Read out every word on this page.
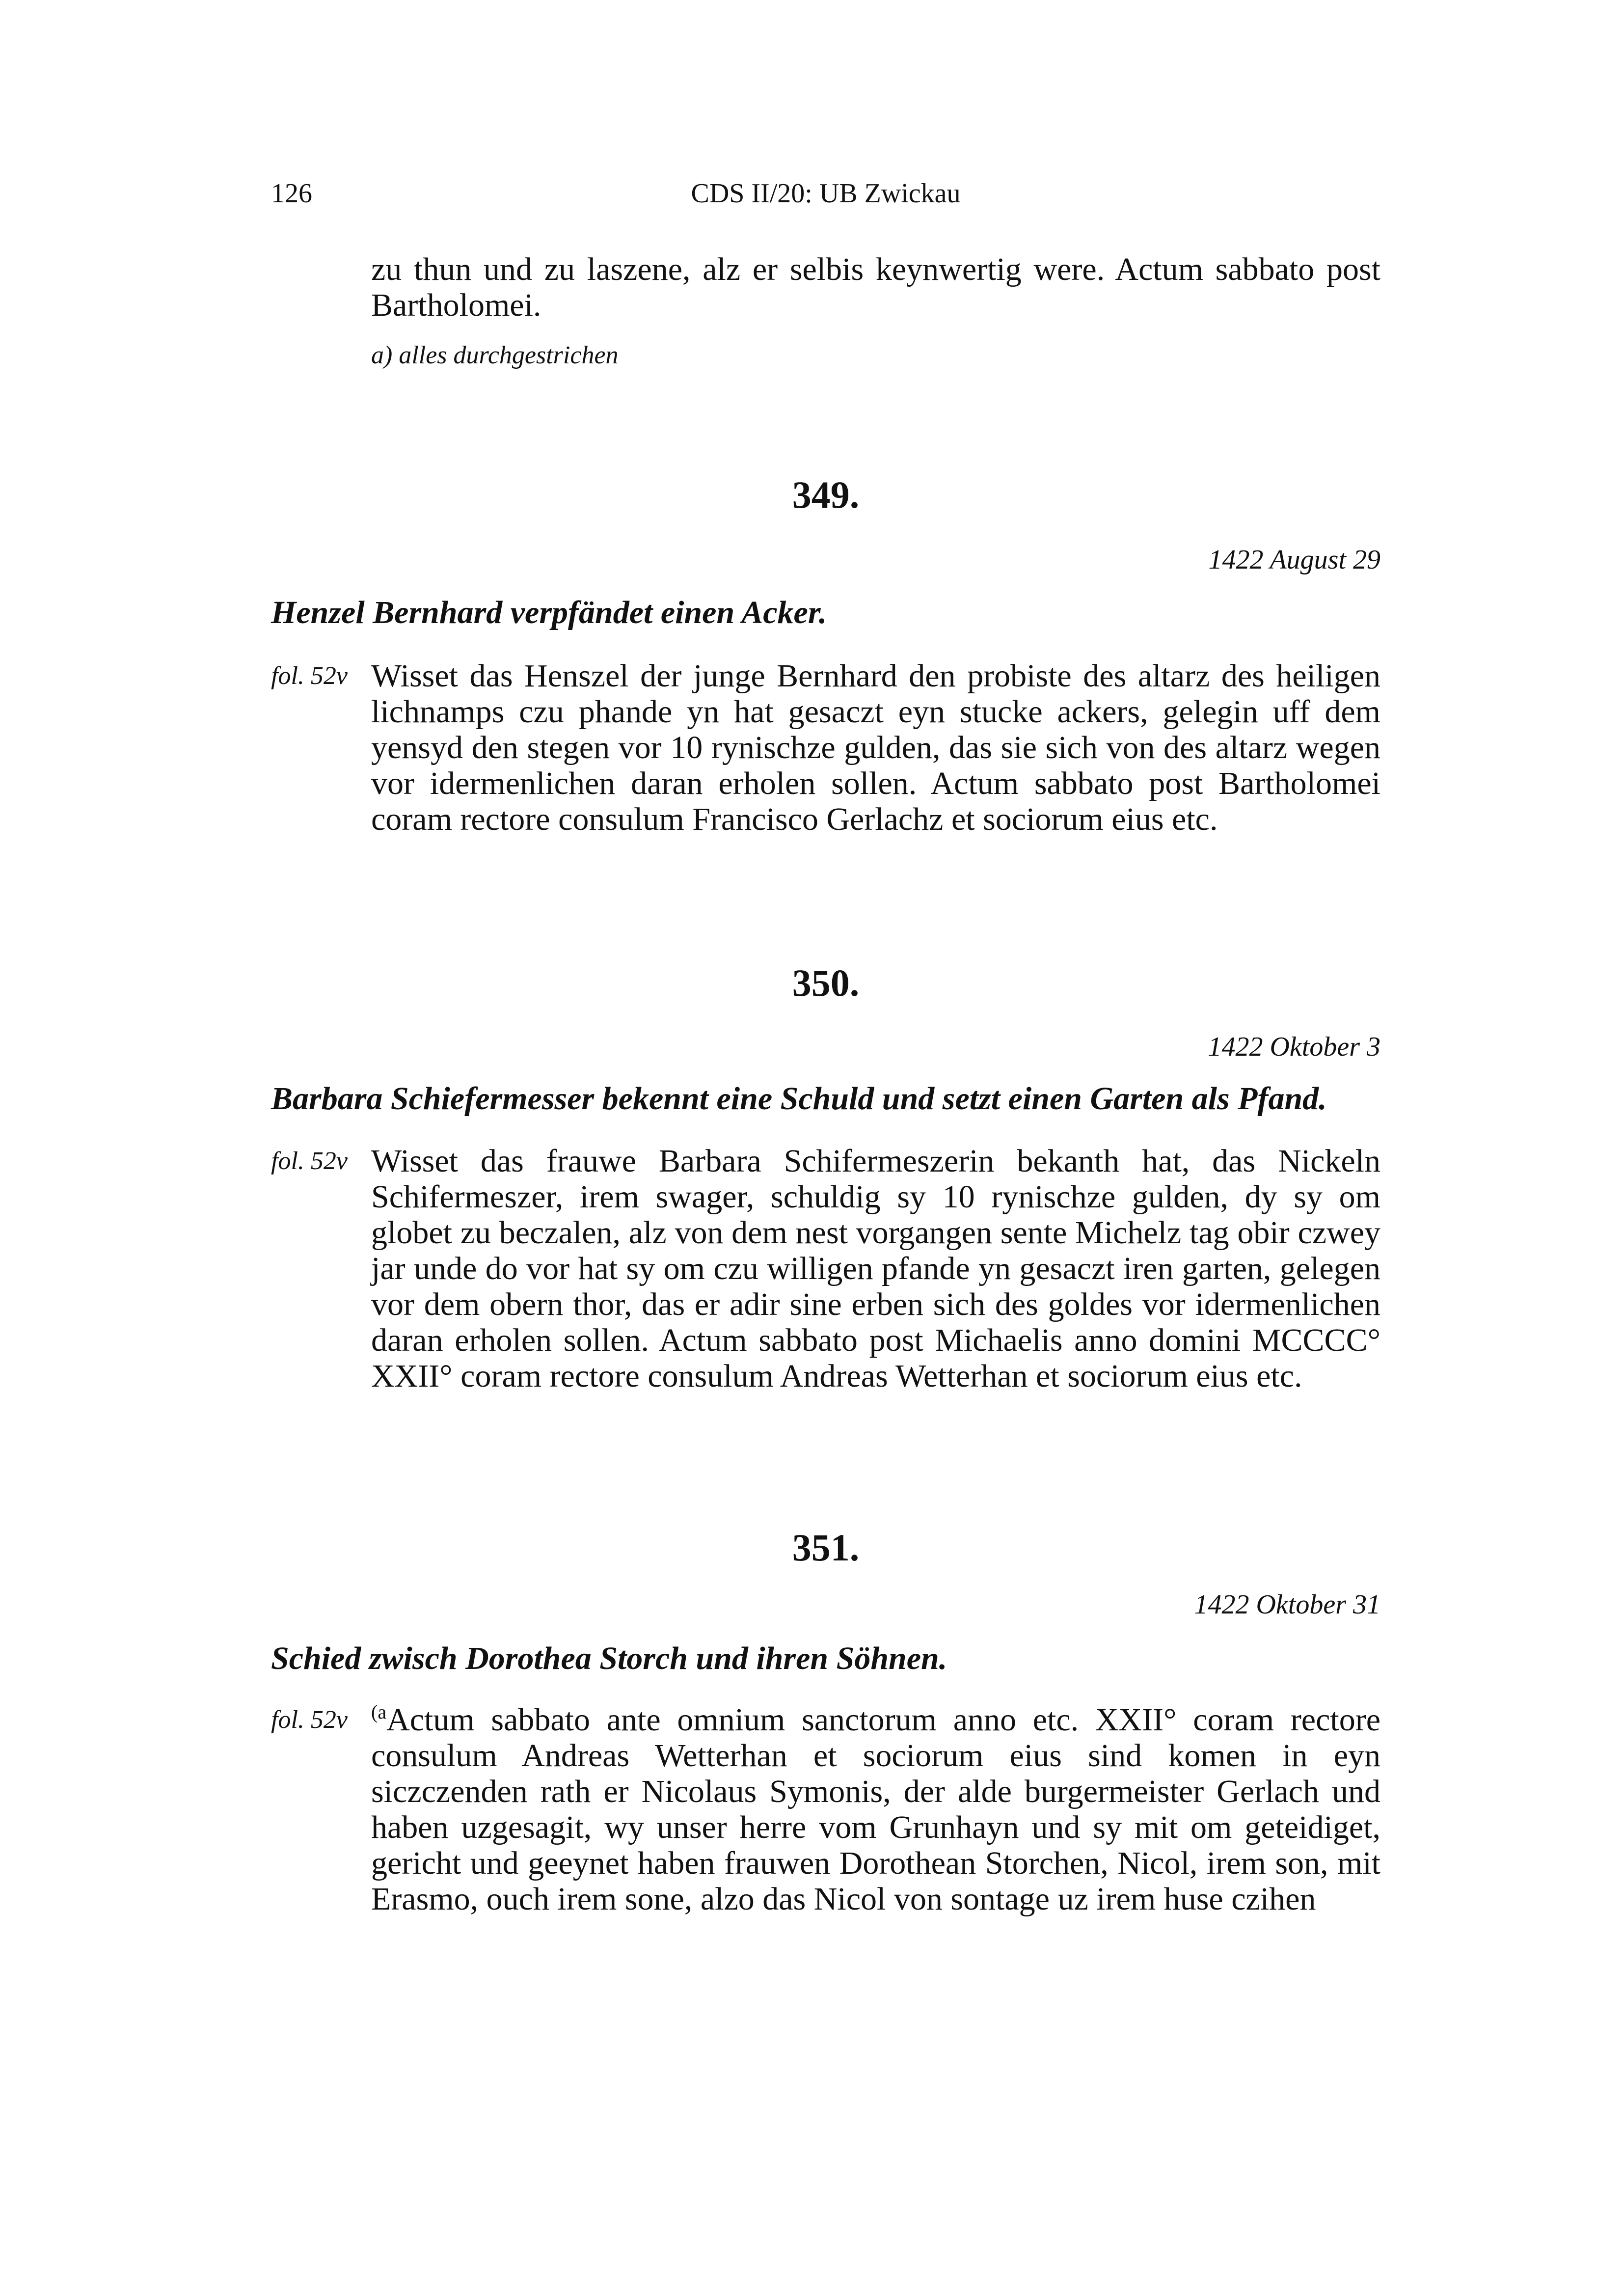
126	CDS II/20: UB Zwickau

zu thun und zu laszene, alz er selbis keynwertig were. Actum sabbato post Bartholomei.

a) alles durchgestrichen

349.
1422 August 29
Henzel Bernhard verpfändet einen Acker.
fol. 52v Wisset das Henszel der junge Bernhard den probiste des altarz des heiligen lichnamps czu phande yn hat gesaczt eyn stucke ackers, gelegin uff dem yensyd den stegen vor 10 rynischze gulden, das sie sich von des altarz wegen vor idermenlichen daran erholen sollen. Actum sabbato post Bartholomei coram rectore consulum Francisco Gerlachz et sociorum eius etc.

350.
1422 Oktober 3
Barbara Schiefermesser bekennt eine Schuld und setzt einen Garten als Pfand.
fol. 52v Wisset das frauwe Barbara Schifermeszerin bekanth hat, das Nickeln Schifermeszer, irem swager, schuldig sy 10 rynischze gulden, dy sy om globet zu beczalen, alz von dem nest vorgangen sente Michelz tag obir czwey jar unde do vor hat sy om czu willigen pfande yn gesaczt iren garten, gelegen vor dem obern thor, das er adir sine erben sich des goldes vor idermenlichen daran erholen sollen. Actum sabbato post Michaelis anno domini MCCCC° XXII° coram rectore consulum Andreas Wetterhan et sociorum eius etc.

351.
1422 Oktober 31
Schied zwisch Dorothea Storch und ihren Söhnen.
fol. 52v	$^{(a}$Actum sabbato ante omnium sanctorum anno etc. XXII° coram rectore consulum Andreas Wetterhan et sociorum eius sind komen in eyn siczczenden rath er Nicolaus Symonis, der alde burgermeister Gerlach und haben uzgesagit, wy unser herre vom Grunhayn und sy mit om geteidiget, gericht und geeynet haben frauwen Dorothean Storchen, Nicol, irem son, mit Erasmo, ouch irem sone, alzo das Nicol von sontage uz irem huse czihen
